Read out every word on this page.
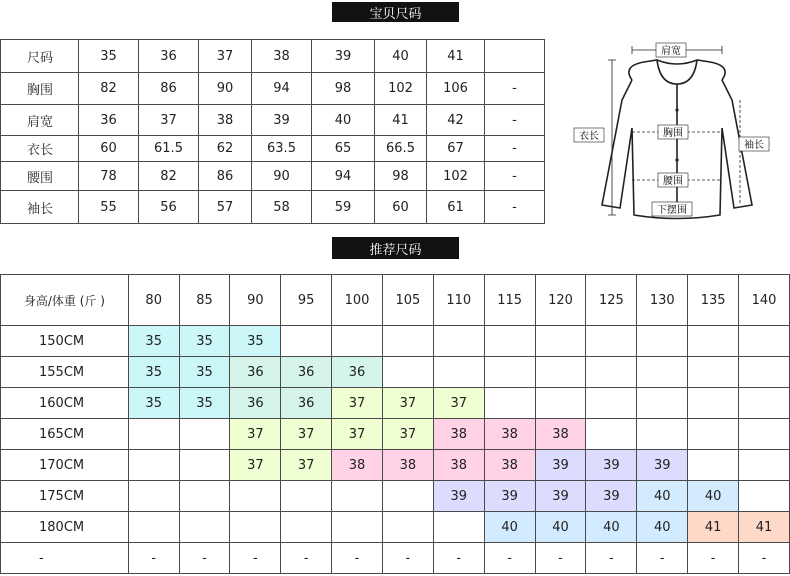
宝贝尺码
尺码	35	36	37	38	39	40	41	
胸围	82	86	90	94	98	102	106	-
肩宽	36	37	38	39	40	41	42	-
衣长	60	61.5	62	63.5	65	66.5	67	-
腰围	78	82	86	90	94	98	102	-
袖长	55	56	57	58	59	60	61	-
肩宽
衣长
袖长
胸围
腰围
下摆围
推荐尺码
身高/体重 (斤 )	80	85	90	95	100	105	110	115	120	125	130	135	140
150CM	35	35	35										
155CM	35	35	36	36	36								
160CM	35	35	36	36	37	37	37						
165CM			37	37	37	37	38	38	38				
170CM			37	37	38	38	38	38	39	39	39		
175CM							39	39	39	39	40	40	
180CM								40	40	40	40	41	41
-	-	-	-	-	-	-	-	-	-	-	-	-	-
